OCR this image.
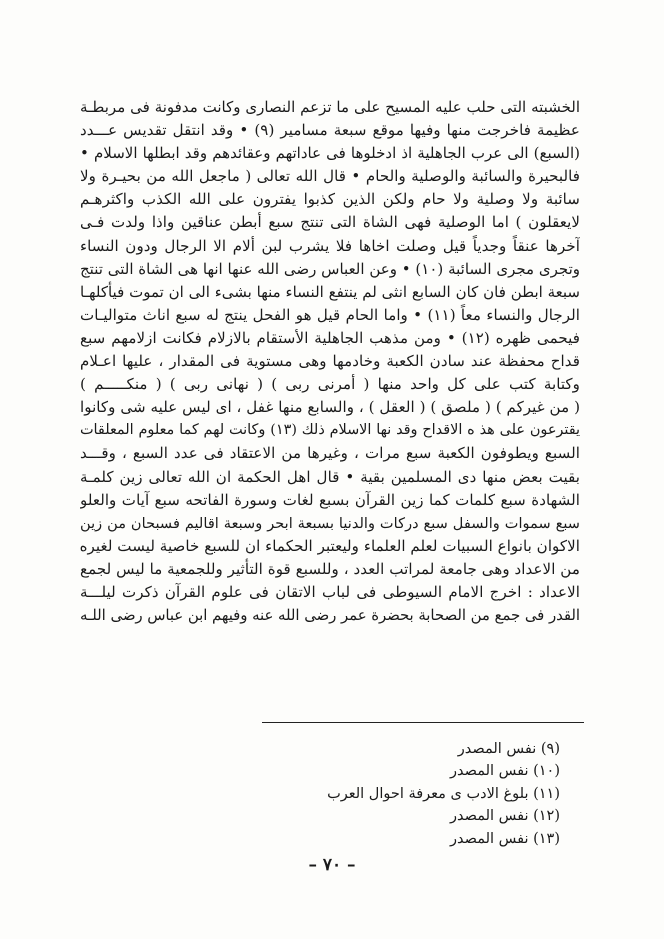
الخشبته التى حلب عليه المسيح على ما تزعم النصارى وكانت مدفونة فى مربطـة
عظيمة فاخرجت منها وفيها موقع سبعة مسامير (٩) • وقد انتقل تقديس عـــدد
(السبع) الى عرب الجاهلية اذ ادخلوها فى عاداتهم وعقائدهم وقد ابطلها الاسلام •
فالبحيرة والسائبة والوصلية والحام • قال الله تعالى ( ماجعل الله من بحيـرة ولا
سائبة ولا وصلية ولا حام ولكن الذين كذبوا يفترون على الله الكذب واكثرهـم
لايعقلون ) اما الوصلية فهى الشاة التى تنتج سبع أبطن عناقين واذا ولدت فـى
آخرها عنقاً وجدياً قيل وصلت اخاها فلا يشرب لبن ألام الا الرجال ودون النساء
وتجرى مجرى السائبة (١٠) • وعن العباس رضى الله عنها انها هى الشاة التى تنتج
سبعة ابطن فان كان السابع انثى لم ينتفع النساء منها بشىء الى ان تموت فيأكلهـا
الرجال والنساء معاً (١١) • واما الحام قيل هو الفحل ينتج له سبع اناث متواليـات
فيحمى ظهره (١٢) • ومن مذهب الجاهلية الأستقام بالازلام فكانت ازلامهم سبع
قداح محفظة عند سادن الكعبة وخادمها وهى مستوية فى المقدار ، عليها اعـلام
وكتابة كتب على كل واحد منها ( أمرنى ربى ) ( نهانى ربى ) ( منكـــــم )
( من غيركم ) ( ملصق ) ( العقل ) ، والسابع منها غفل ، اى ليس عليه شى وكانوا
يقترعون على هذ ه الاقداح وقد نها الاسلام ذلك (١٣) وكانت لهم كما معلوم المعلقات
السبع ويطوفون الكعبة سبع مرات ، وغيرها من الاعتقاد فى عدد السبع ، وقـــد
بقيت بعض منها دى المسلمين بقية • قال اهل الحكمة ان الله تعالى زين كلمـة
الشهادة سبع كلمات كما زين القرآن بسبع لغات وسورة الفاتحه سبع آيات والعلو
سبع سموات والسفل سبع دركات والدنيا بسبعة ابحر وسبعة اقاليم فسبحان من زين
الاكوان بانواع السبيات لعلم العلماء وليعتبر الحكماء ان للسبع خاصية ليست لغيره
من الاعداد وهى جامعة لمراتب العدد ، وللسبع قوة التأثير وللجمعية ما ليس لجمع
الاعداد : اخرج الامام السيوطى فى لباب الاتقان فى علوم القرآن ذكرت ليلـــة
القدر فى جمع من الصحابة بحضرة عمر رضى الله عنه وفيهم ابن عباس رضى اللـه
(٩) نفس المصدر
(١٠) نفس المصدر
(١١) بلوغ الادب ى معرفة احوال العرب
(١٢) نفس المصدر
(١٣) نفس المصدر
– ٧٠ –
